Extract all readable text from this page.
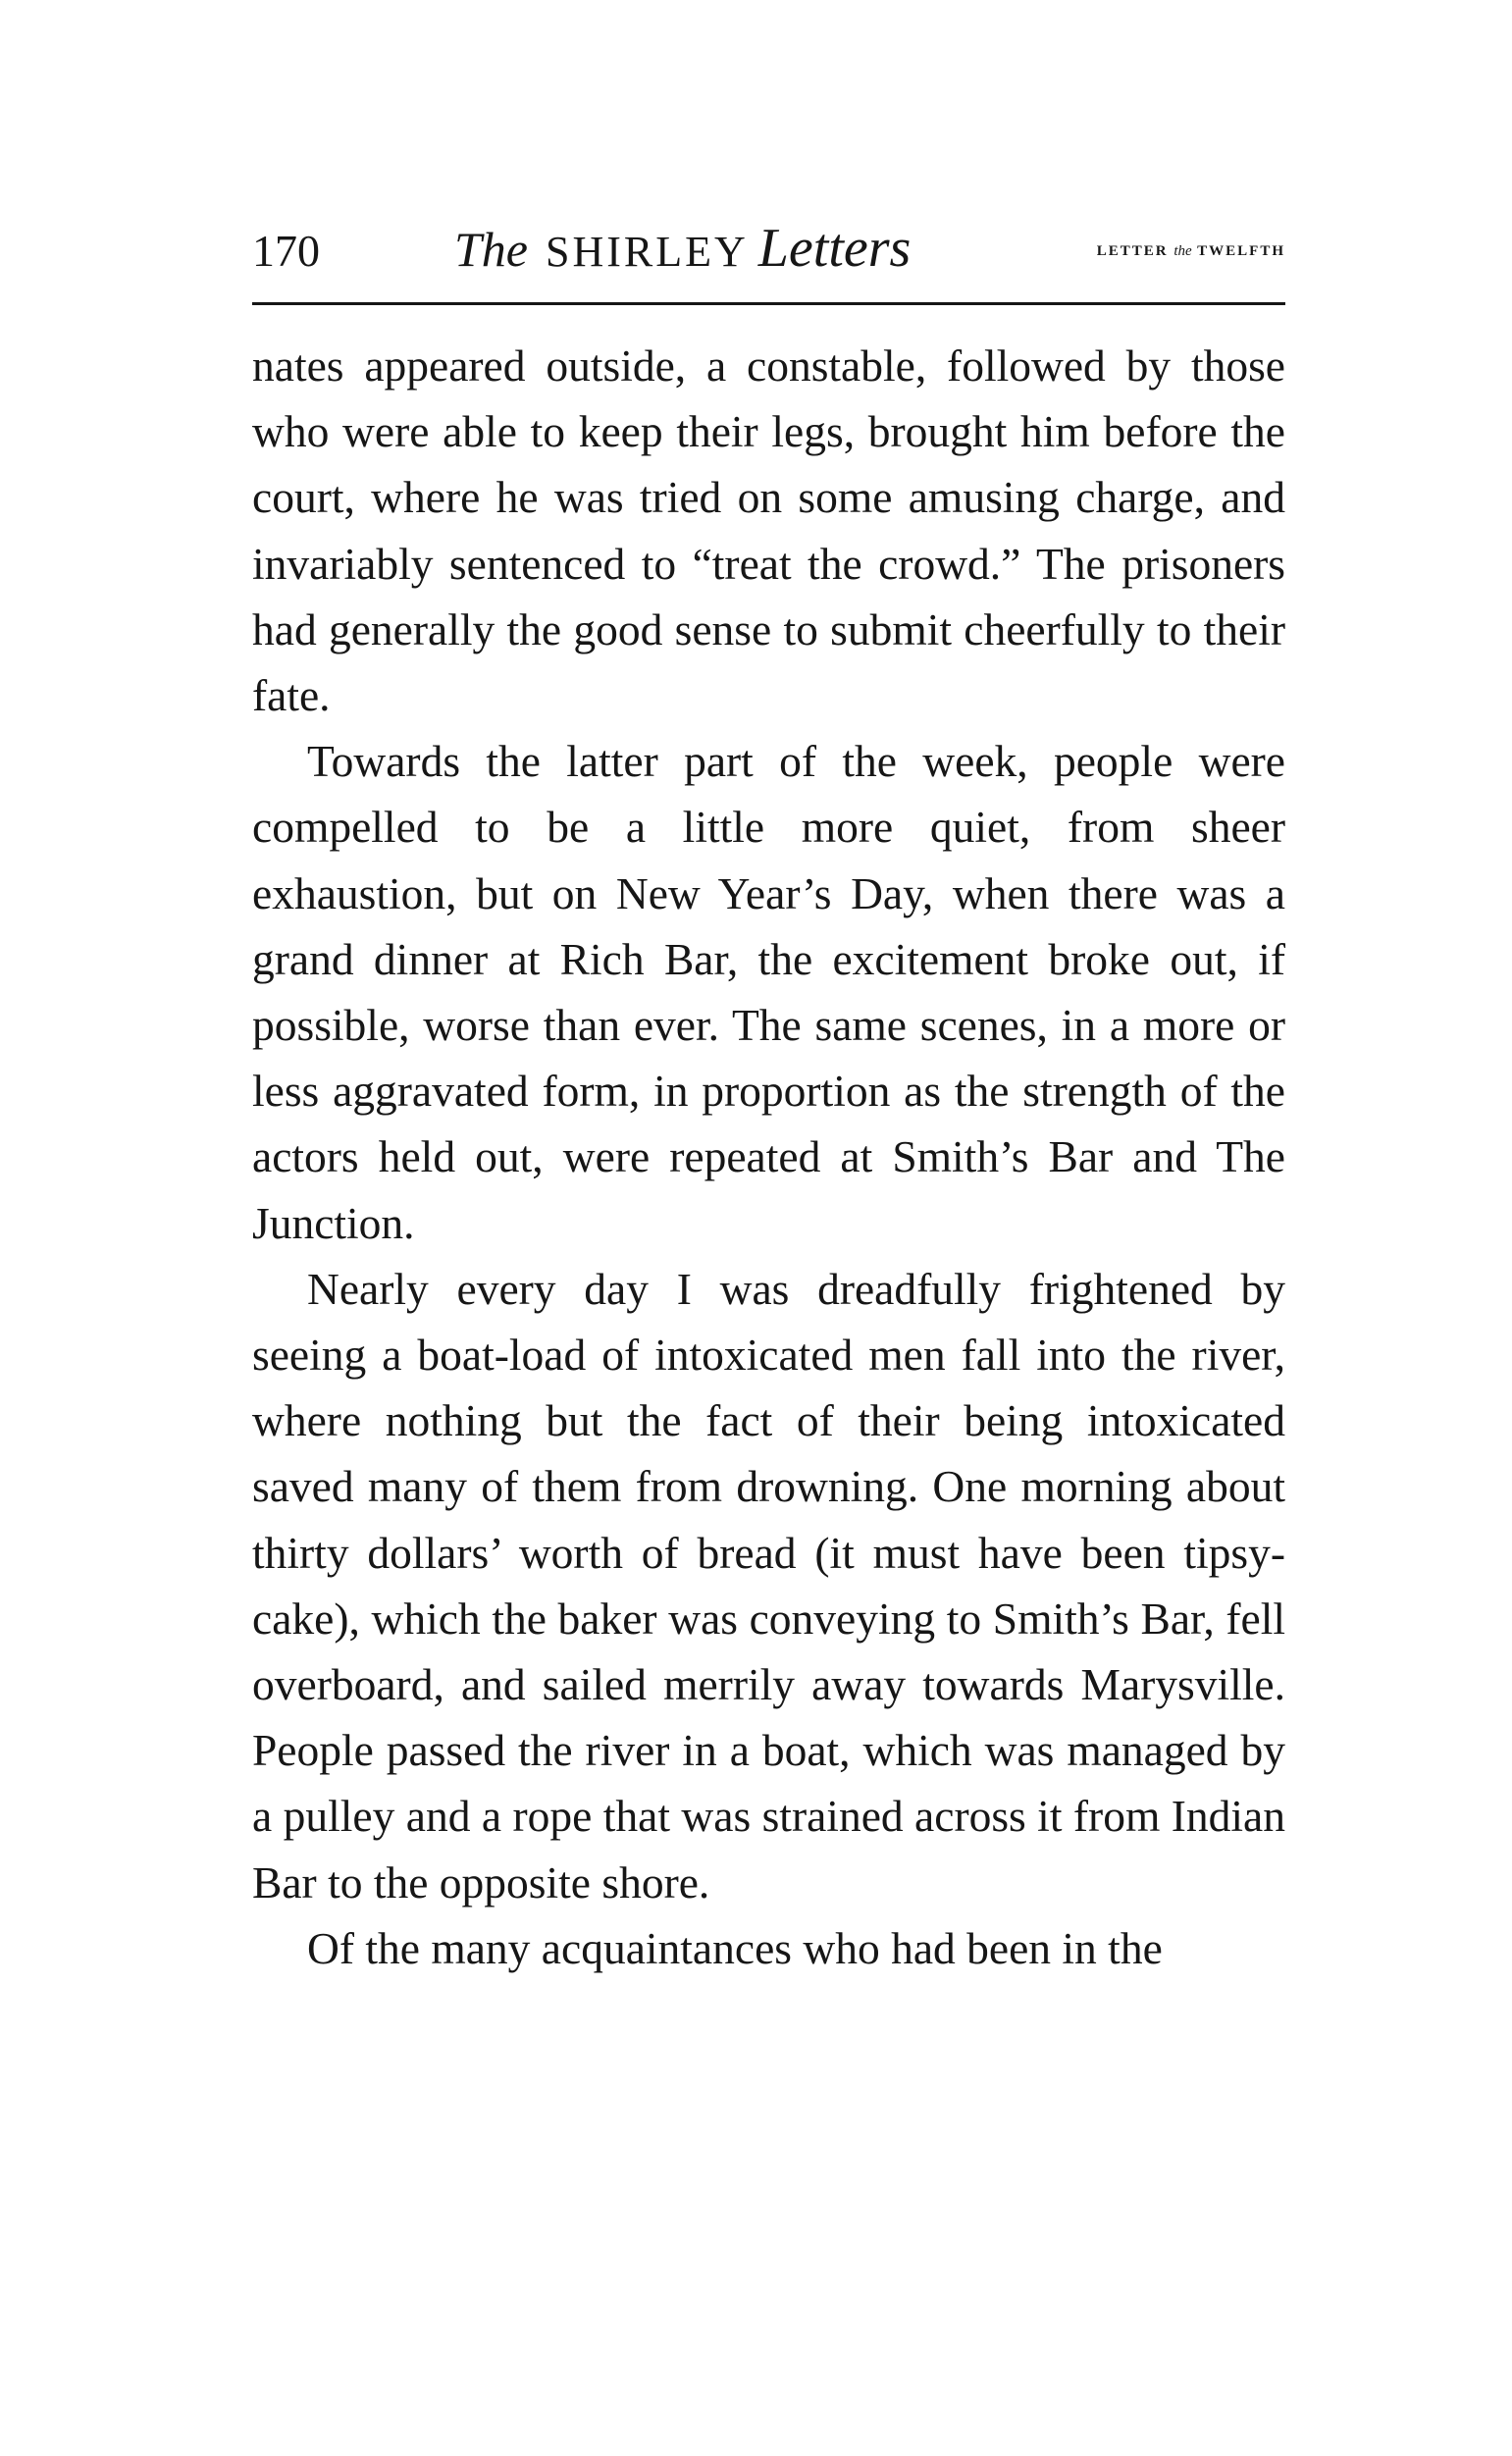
170	The SHIRLEY Letters	LETTER the TWELFTH

nates appeared outside, a constable, followed by those who were able to keep their legs, brought him before the court, where he was tried on some amusing charge, and invariably sentenced to “treat the crowd.” The prisoners had generally the good sense to submit cheerfully to their fate.

Towards the latter part of the week, people were compelled to be a little more quiet, from sheer exhaustion, but on New Year’s Day, when there was a grand dinner at Rich Bar, the excitement broke out, if possible, worse than ever. The same scenes, in a more or less aggravated form, in proportion as the strength of the actors held out, were repeated at Smith’s Bar and The Junction.

Nearly every day I was dreadfully frightened by seeing a boat-load of intoxicated men fall into the river, where nothing but the fact of their being intoxicated saved many of them from drowning. One morning about thirty dollars’ worth of bread (it must have been tipsy-cake), which the baker was conveying to Smith’s Bar, fell overboard, and sailed merrily away towards Marysville. People passed the river in a boat, which was managed by a pulley and a rope that was strained across it from Indian Bar to the opposite shore.

Of the many acquaintances who had been in the
